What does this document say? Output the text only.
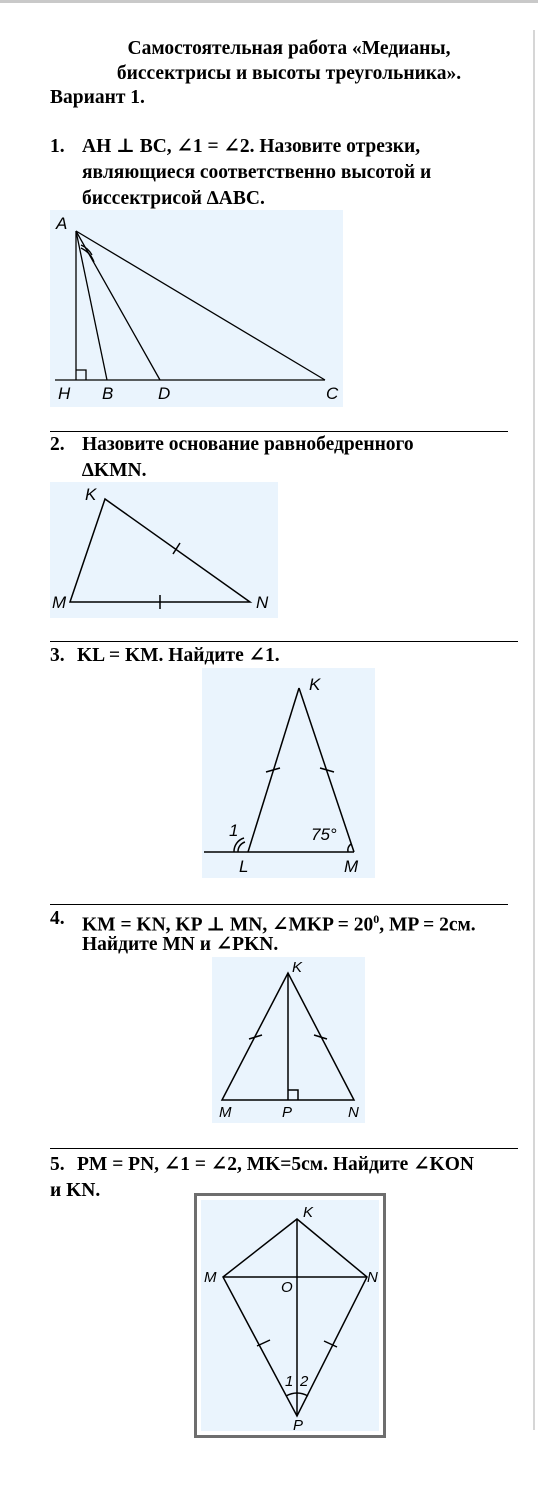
Самостоятельная работа «Медианы,
биссектрисы и высоты треугольника».
Вариант 1.
1. АН ⊥ ВС, ∠1 = ∠2. Назовите отрезки,
являющиеся соответственно высотой и
биссектрисой ∆АВС.
A
H B	D	C
2. Назовите основание равнобедренного
∆KMN.
K
M	N
3. KL = KM. Найдите ∠1.
K
1	75°
L	M
4. KM = KN, KP ⊥ MN, ∠MKP = $20^0$, MP = 2см.
Найдите MN и ∠PKN.
K
M	P	N
5. PM = PN, ∠1 = ∠2, MK=5см. Найдите ∠KON
и KN.
K
M
O
N
1 2
P
